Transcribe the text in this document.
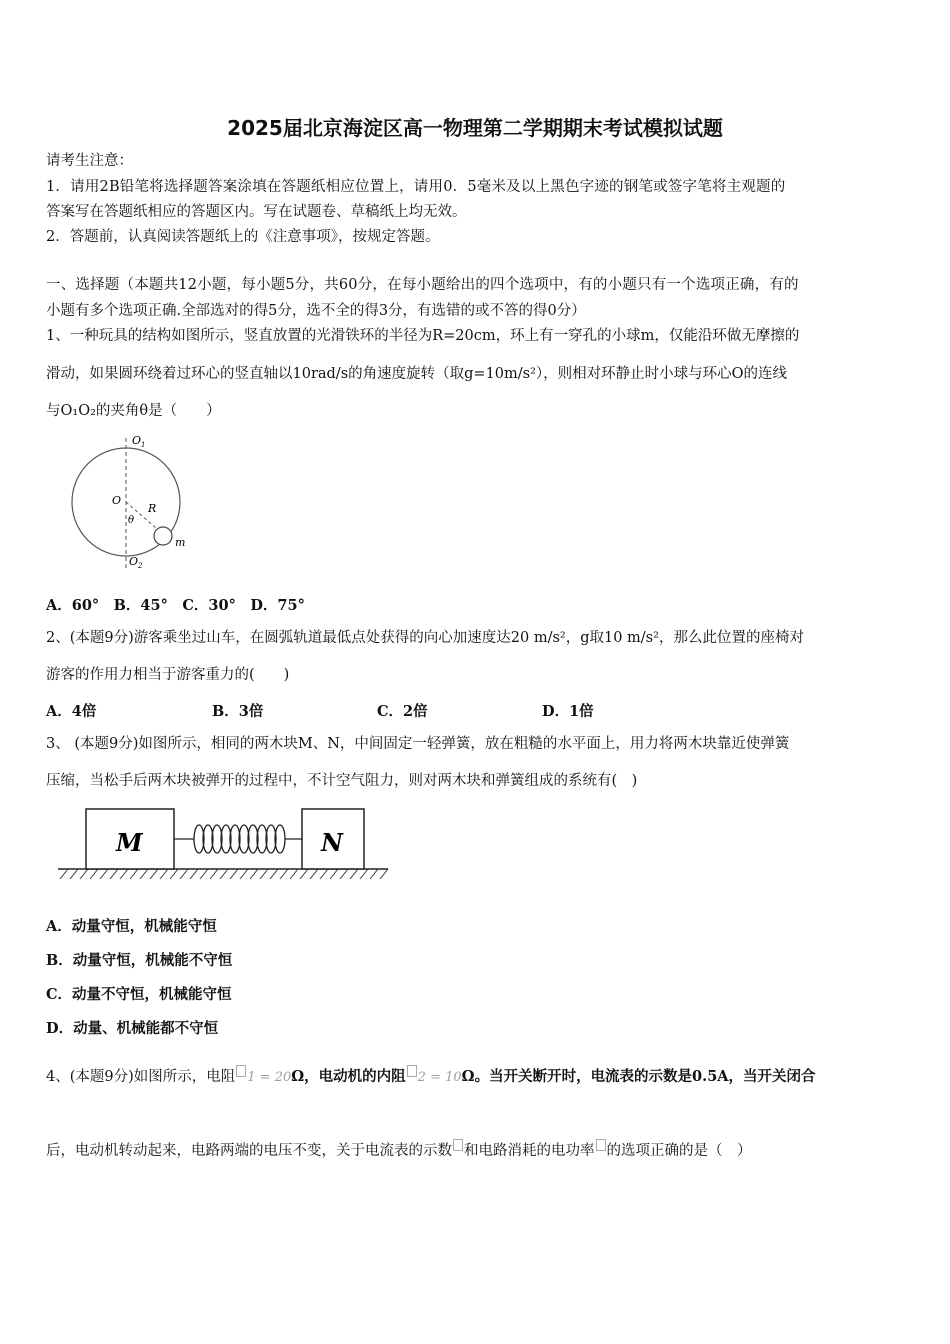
2025届北京海淀区高一物理第二学期期末考试模拟试题
请考生注意：
1．请用2B铅笔将选择题答案涂填在答题纸相应位置上，请用0．5毫米及以上黑色字迹的钢笔或签字笔将主观题的
答案写在答题纸相应的答题区内。写在试题卷、草稿纸上均无效。
2．答题前，认真阅读答题纸上的《注意事项》，按规定答题。
一、选择题（本题共12小题，每小题5分，共60分，在每小题给出的四个选项中，有的小题只有一个选项正确，有的
小题有多个选项正确.全部选对的得5分，选不全的得3分，有选错的或不答的得0分）
1、一种玩具的结构如图所示，竖直放置的光滑铁环的半径为R=20cm，环上有一穿孔的小球m，仅能沿环做无摩擦的
滑动，如果圆环绕着过环心的竖直轴以10rad/s的角速度旋转（取g=10m/s²），则相对环静止时小球与环心O的连线
与O₁O₂的夹角θ是（　　）
$O_1$
O
R
θ
m
$O_2$
A．60°　B．45°　C．30°　D．75°
2、(本题9分)游客乘坐过山车，在圆弧轨道最低点处获得的向心加速度达20 m/s²，g取10 m/s²，那么此位置的座椅对
游客的作用力相当于游客重力的(　　)
A．4倍	B．3倍	C．2倍	D．1倍
3、 (本题9分)如图所示，相同的两木块M、N，中间固定一轻弹簧，放在粗糙的水平面上，用力将两木块靠近使弹簧
压缩，当松手后两木块被弹开的过程中，不计空气阻力，则对两木块和弹簧组成的系统有(　)
M	N
A．动量守恒，机械能守恒
B．动量守恒，机械能不守恒
C．动量不守恒，机械能守恒
D．动量、机械能都不守恒
4、(本题9分)如图所示，电阻 1 = 20Ω，电动机的内阻 2 = 10Ω。当开关断开时，电流表的示数是0.5A，当开关闭合
后，电动机转动起来，电路两端的电压不变，关于电流表的示数 和电路消耗的电功率 的选项正确的是（　）
